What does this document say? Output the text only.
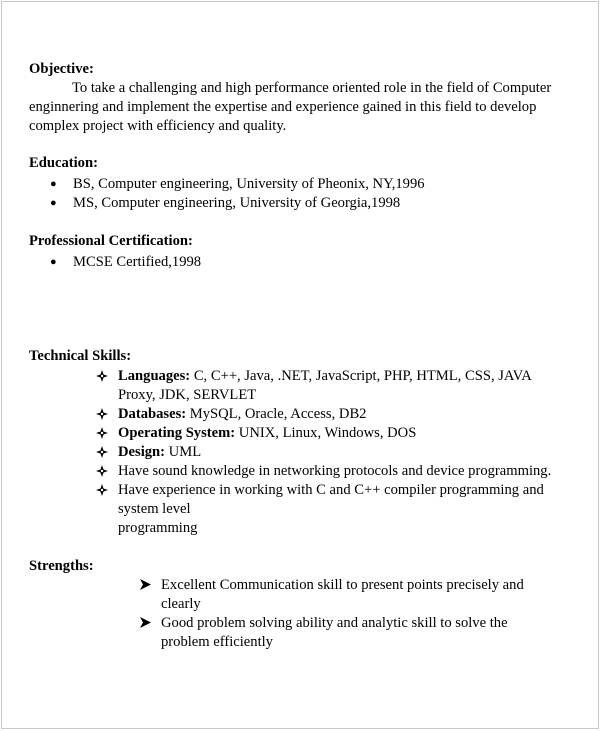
Objective:
To take a challenging and high performance oriented role in the field of Computer
enginnering and implement the expertise and experience gained in this field to develop
complex project with efficiency and quality.
Education:
● BS, Computer engineering, University of Pheonix, NY,1996
● MS, Computer engineering, University of Georgia,1998
Professional Certification:
● MCSE Certified,1998
Technical Skills:
Languages: C, C++, Java, .NET, JavaScript, PHP, HTML, CSS, JAVA
Proxy, JDK, SERVLET
Databases: MySQL, Oracle, Access, DB2
Operating System: UNIX, Linux, Windows, DOS
Design: UML
Have sound knowledge in networking protocols and device programming.
Have experience in working with C and C++ compiler programming and
system level
programming
Strengths:
Excellent Communication skill to present points precisely and
clearly
Good problem solving ability and analytic skill to solve the
problem efficiently
